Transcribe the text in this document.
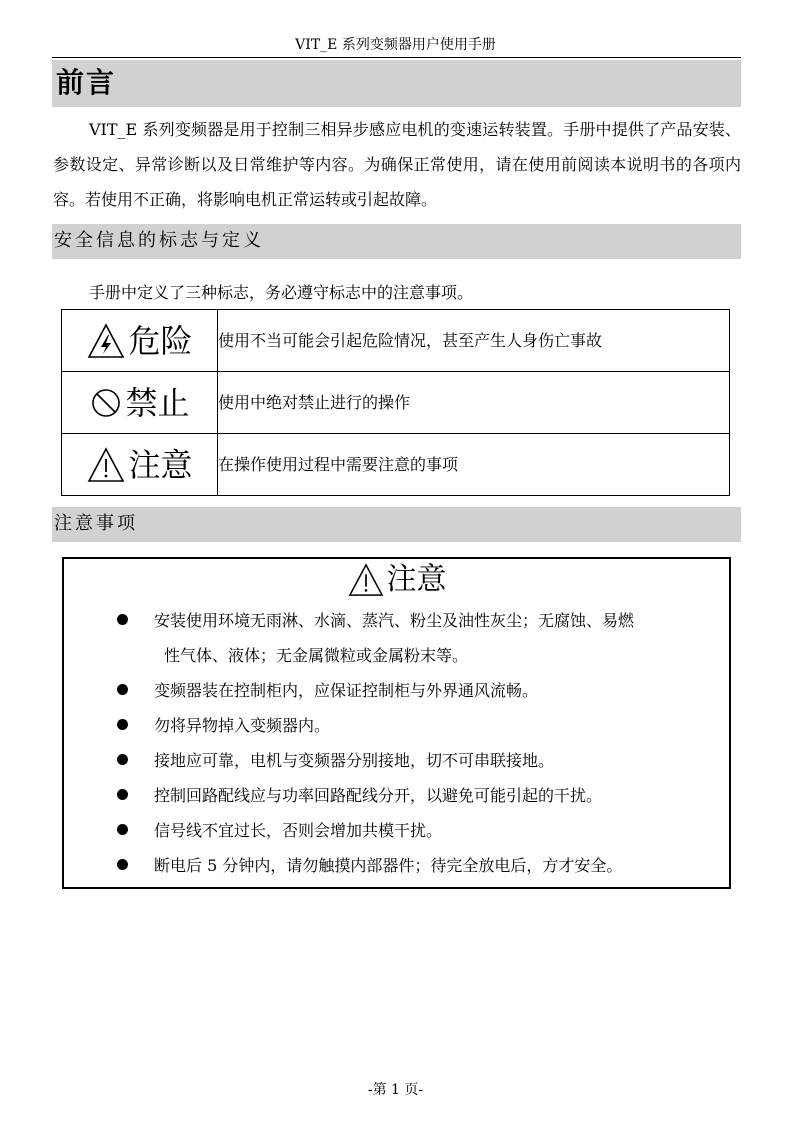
VIT_E 系列变频器用户使用手册
前言

VIT_E 系列变频器是用于控制三相异步感应电机的变速运转装置。手册中提供了产品安装、参数设定、异常诊断以及日常维护等内容。为确保正常使用，请在使用前阅读本说明书的各项内容。若使用不正确，将影响电机正常运转或引起故障。

安全信息的标志与定义
手册中定义了三种标志，务必遵守标志中的注意事项。
危险	使用不当可能会引起危险情况，甚至产生人身伤亡事故

禁止	使用中绝对禁止进行的操作

注意	在操作使用过程中需要注意的事项
注意事项
注意
安装使用环境无雨淋、水滴、蒸汽、粉尘及油性灰尘；无腐蚀、易燃
性气体、液体；无金属微粒或金属粉末等。
变频器装在控制柜内，应保证控制柜与外界通风流畅。
勿将异物掉入变频器内。
接地应可靠，电机与变频器分别接地，切不可串联接地。
控制回路配线应与功率回路配线分开，以避免可能引起的干扰。
信号线不宜过长，否则会增加共模干扰。
断电后 5 分钟内，请勿触摸内部器件；待完全放电后，方才安全。
-第 1 页-
